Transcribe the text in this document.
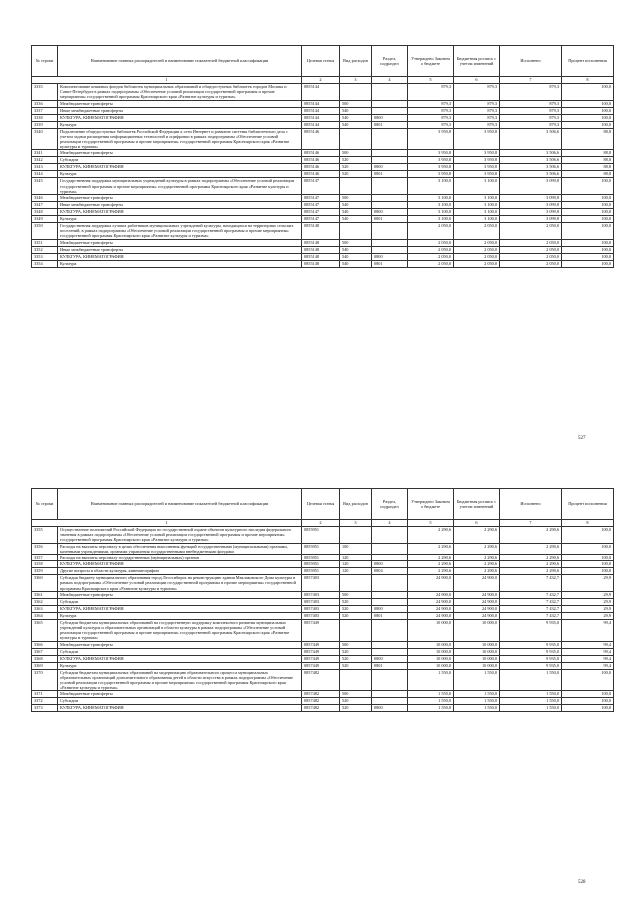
№ строки	Наименование главных распорядителей и наименование показателей бюджетной классификации	Целевая статья	Вид расходов	Раздел, подраздел	Утверждено Законом о бюджете	Бюджетная роспись с учетом изменений	Исполнено	Процент исполнения
1		2	3	4	5	6	7	8
3335	Комплектование книжных фондов библиотек муниципальных образований и общедоступных библиотек городов Москвы и Санкт-Петербурга в рамках подпрограммы «Обеспечение условий реализации государственной программы и прочие мероприятия» государственной программы Красноярского края «Развитие культуры и туризма»	0855144			879,3	879,3	879,3	100,0
3336	Межбюджетные трансферты	0855144	500		879,3	879,3	879,3	100,0
3337	Иные межбюджетные трансферты	0855144	540		879,3	879,3	879,3	100,0
3338	КУЛЬТУРА, КИНЕМАТОГРАФИЯ	0855144	540	0800	879,3	879,3	879,3	100,0
3339	Культура	0855144	540	0801	879,3	879,3	879,3	100,0
3340	Подключение общедоступных библиотек Российской Федерации к сети Интернет и развитие системы библиотечного дела с учетом задачи расширения информационных технологий и оцифровки в рамках подпрограммы «Обеспечение условий реализации государственной программы и прочие мероприятия» государственной программы Красноярского края «Развитие культуры и туризма»	0855146			3 950,8	3 950,8	3 506,6	88,8
3341	Межбюджетные трансферты	0855146	500		3 950,8	3 950,8	3 506,6	88,8
3342	Субсидии	0855146	520		3 950,8	3 950,8	3 506,6	88,8
3343	КУЛЬТУРА, КИНЕМАТОГРАФИЯ	0855146	520	0800	3 950,8	3 950,8	3 506,6	88,8
3344	Культура	0855146	520	0801	3 950,8	3 950,8	3 506,6	88,8
3345	Государственная поддержка муниципальных учреждений культуры в рамках подпрограммы «Обеспечение условий реализации государственной программы и прочие мероприятия» государственной программы Красноярского края «Развитие культуры и туризма»	0855147			3 100,0	3 100,0	3 099,8	100,0
3346	Межбюджетные трансферты	0855147	500		3 100,0	3 100,0	3 099,8	100,0
3347	Иные межбюджетные трансферты	0855147	540		3 100,0	3 100,0	3 099,8	100,0
3348	КУЛЬТУРА, КИНЕМАТОГРАФИЯ	0855147	540	0800	3 100,0	3 100,0	3 099,8	100,0
3349	Культура	0855147	540	0801	3 100,0	3 100,0	3 099,8	100,0
3350	Государственная поддержка лучших работников муниципальных учреждений культуры, находящихся на территориях сельских поселений, в рамках подпрограммы «Обеспечение условий реализации государственной программы и прочие мероприятия» государственной программы Красноярского края «Развитие культуры и туризма»	0855148			2 050,0	2 050,0	2 050,0	100,0
3351	Межбюджетные трансферты	0855148	500		2 050,0	2 050,0	2 050,0	100,0
3352	Иные межбюджетные трансферты	0855148	540		2 050,0	2 050,0	2 050,0	100,0
3353	КУЛЬТУРА, КИНЕМАТОГРАФИЯ	0855148	540	0800	2 050,0	2 050,0	2 050,0	100,0
3354	Культура	0855148	540	0801	2 050,0	2 050,0	2 050,0	100,0
527
№ строки	Наименование главных распорядителей и наименование показателей бюджетной классификации	Целевая статья	Вид расходов	Раздел, подраздел	Утверждено Законом о бюджете	Бюджетная роспись с учетом изменений	Исполнено	Процент исполнения
1		2	3	4	5	6	7	8
3355	Осуществление полномочий Российской Федерации по государственной охране объектов культурного наследия федерального значения в рамках подпрограммы «Обеспечение условий реализации государственной программы и прочие мероприятия» государственной программы Красноярского края «Развитие культуры и туризма»	0855951			2 290,6	2 290,6	2 290,6	100,0
3356	Расходы на выплаты персоналу в целях обеспечения выполнения функций государственными (муниципальными) органами, казенными учреждениями, органами управления государственными внебюджетными фондами	0855951	100		2 290,6	2 290,6	2 290,6	100,0
3357	Расходы на выплаты персоналу государственных (муниципальных) органов	0855951	120		2 290,6	2 290,6	2 290,6	100,0
3358	КУЛЬТУРА, КИНЕМАТОГРАФИЯ	0855951	120	0800	2 290,6	2 290,6	2 290,6	100,0
3359	Другие вопросы в области культуры, кинематографии	0855951	120	0804	2 290,6	2 290,6	2 290,6	100,0
3360	Субсидия бюджету муниципального образования город Лесосибирск на реконструкцию здания Маклаковского Дома культуры в рамках подпрограммы «Обеспечение условий реализации государственной программы и прочие мероприятия» государственной программы Красноярского края «Развитие культуры и туризма»	0857403			24 900,0	24 900,0	7 432,7	29,9
3361	Межбюджетные трансферты	0857403	500		24 900,0	24 900,0	7 432,7	29,9
3362	Субсидии	0857403	520		24 900,0	24 900,0	7 432,7	29,9
3363	КУЛЬТУРА, КИНЕМАТОГРАФИЯ	0857403	520	0800	24 900,0	24 900,0	7 432,7	29,9
3364	Культура	0857403	520	0801	24 900,0	24 900,0	7 432,7	29,9
3365	Субсидии бюджетам муниципальных образований на государственную поддержку комплексного развития муниципальных учреждений культуры и образовательных организаций в области культуры в рамках подпрограммы «Обеспечение условий реализации государственной программы и прочие мероприятия» государственной программы Красноярского края «Развитие культуры и туризма»	0857449			10 000,0	10 000,0	9 935,0	99,4
3366	Межбюджетные трансферты	0857449	500		10 000,0	10 000,0	9 935,0	99,4
3367	Субсидии	0857449	520		10 000,0	10 000,0	9 935,0	99,4
3368	КУЛЬТУРА, КИНЕМАТОГРАФИЯ	0857449	520	0800	10 000,0	10 000,0	9 935,0	99,4
3369	Культура	0857449	520	0801	10 000,0	10 000,0	9 935,0	99,4
3370	Субсидии бюджетам муниципальных образований на модернизацию образовательного процесса муниципальных образовательных организаций дополнительного образования детей в области искусства в рамках подпрограммы «Обеспечение условий реализации государственной программы и прочие мероприятия» государственной программы Красноярского края «Развитие культуры и туризма»	0857482			1 550,0	1 550,0	1 550,0	100,0
3371	Межбюджетные трансферты	0857482	500		1 550,0	1 550,0	1 550,0	100,0
3372	Субсидии	0857482	520		1 550,0	1 550,0	1 550,0	100,0
3373	КУЛЬТУРА, КИНЕМАТОГРАФИЯ	0857482	520	0800	1 550,0	1 550,0	1 550,0	100,0
528
